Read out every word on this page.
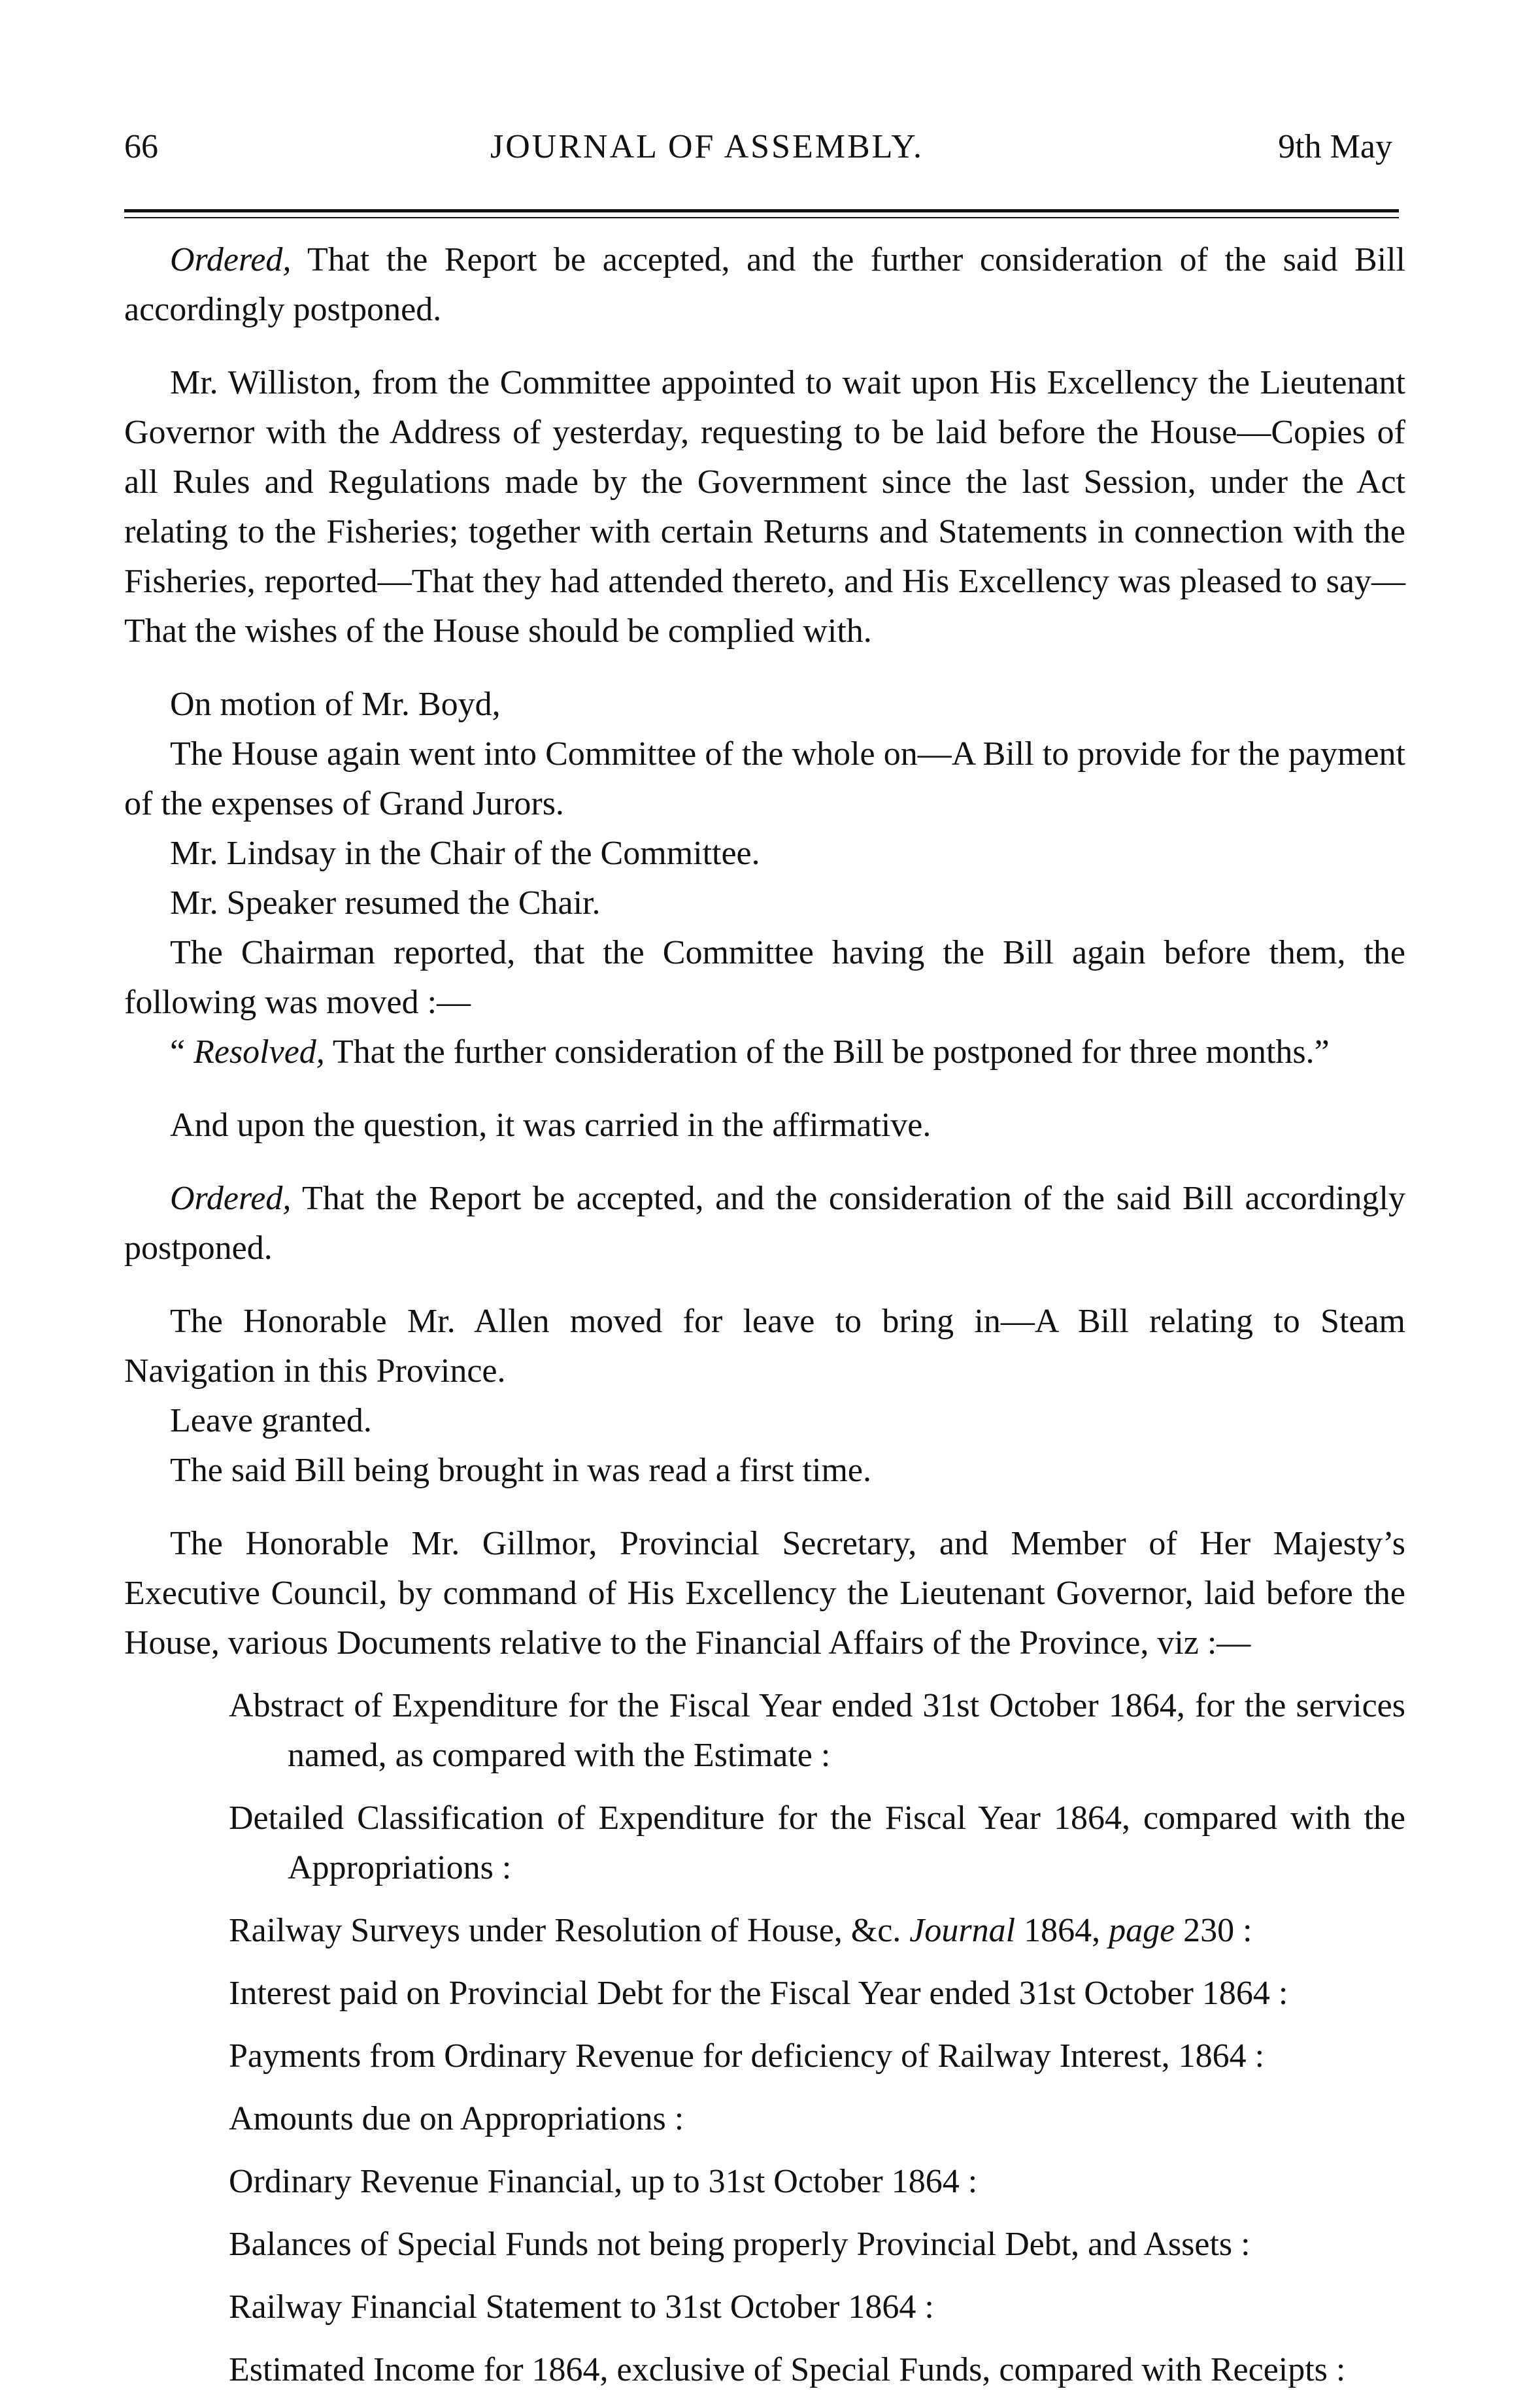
66	JOURNAL OF ASSEMBLY.	9th May

Ordered, That the Report be accepted, and the further consideration of the said Bill accordingly postponed.

Mr. Williston, from the Committee appointed to wait upon His Excellency the Lieutenant Governor with the Address of yesterday, requesting to be laid before the House—Copies of all Rules and Regulations made by the Government since the last Session, under the Act relating to the Fisheries; together with certain Returns and Statements in connection with the Fisheries, reported—That they had attended thereto, and His Excellency was pleased to say—That the wishes of the House should be complied with.

On motion of Mr. Boyd,

The House again went into Committee of the whole on—A Bill to provide for the payment of the expenses of Grand Jurors.

Mr. Lindsay in the Chair of the Committee.

Mr. Speaker resumed the Chair.

The Chairman reported, that the Committee having the Bill again before them, the following was moved :—

“ Resolved, That the further consideration of the Bill be postponed for three months.”

And upon the question, it was carried in the affirmative.

Ordered, That the Report be accepted, and the consideration of the said Bill accordingly postponed.

The Honorable Mr. Allen moved for leave to bring in—A Bill relating to Steam Navigation in this Province.

Leave granted.

The said Bill being brought in was read a first time.

The Honorable Mr. Gillmor, Provincial Secretary, and Member of Her Majesty’s Executive Council, by command of His Excellency the Lieutenant Governor, laid before the House, various Documents relative to the Financial Affairs of the Province, viz :—

Abstract of Expenditure for the Fiscal Year ended 31st October 1864, for the services named, as compared with the Estimate :
Detailed Classification of Expenditure for the Fiscal Year 1864, compared with the Appropriations :
Railway Surveys under Resolution of House, &c. Journal 1864, page 230 :
Interest paid on Provincial Debt for the Fiscal Year ended 31st October 1864 :
Payments from Ordinary Revenue for deficiency of Railway Interest, 1864 :
Amounts due on Appropriations :
Ordinary Revenue Financial, up to 31st October 1864 :
Balances of Special Funds not being properly Provincial Debt, and Assets :
Railway Financial Statement to 31st October 1864 :
Estimated Income for 1864, exclusive of Special Funds, compared with Receipts :
